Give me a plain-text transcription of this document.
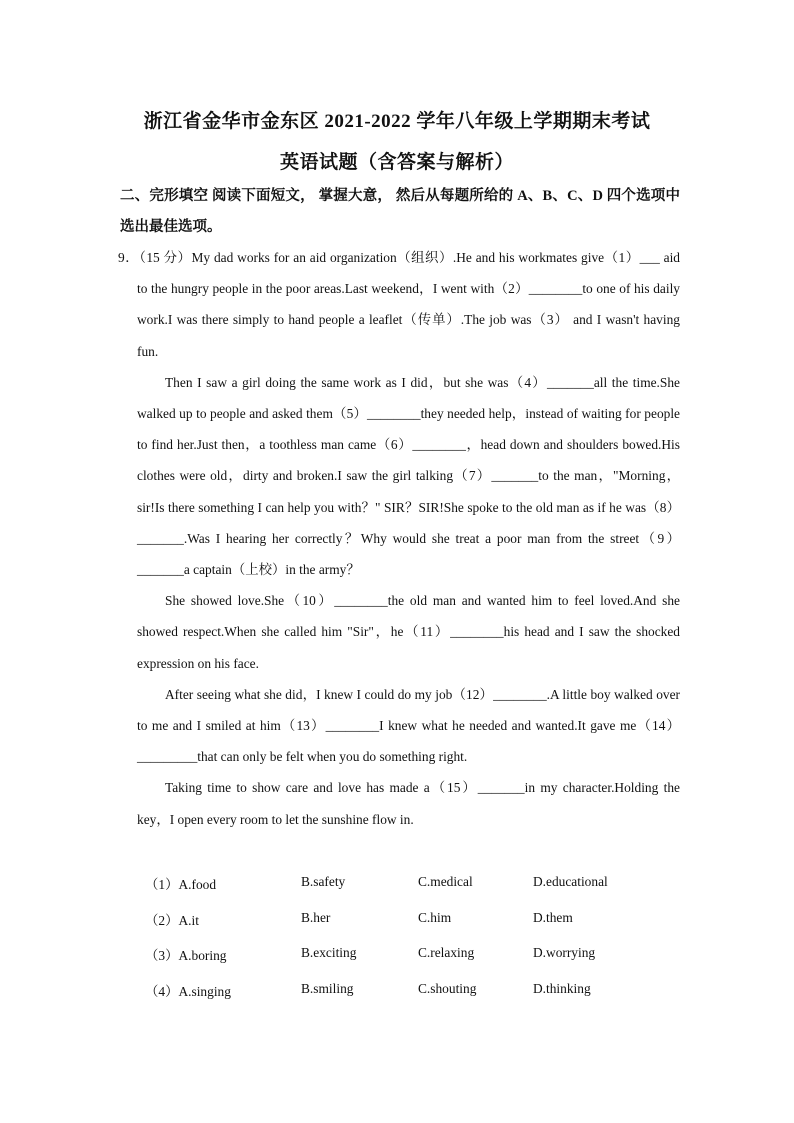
浙江省金华市金东区 2021-2022 学年八年级上学期期末考试
英语试题（含答案与解析）
二、完形填空 阅读下面短文， 掌握大意， 然后从每题所给的 A、B、C、D 四个选项中选出最佳选项。

9．（15 分）My dad works for an aid organization（组织）.He and his workmates give（1）___ aid to the hungry people in the poor areas.Last weekend，I went with（2）________to one of his daily work.I was there simply to hand people a leaflet（传单）.The job was（3） and I wasn't having fun.

Then I saw a girl doing the same work as I did，but she was（4）_______all the time.She walked up to people and asked them（5）________they needed help，instead of waiting for people to find her.Just then，a toothless man came（6）________，head down and shoulders bowed.His clothes were old，dirty and broken.I saw the girl talking（7）_______to the man，"Morning，sir!Is there something I can help you with？" SIR？SIR!She spoke to the old man as if he was（8）_______.Was I hearing her correctly？Why would she treat a poor man from the street（9）_______a captain（上校）in the army？

She showed love.She（10）________the old man and wanted him to feel loved.And she showed respect.When she called him "Sir"，he（11）________his head and I saw the shocked expression on his face.

After seeing what she did，I knew I could do my job（12）________.A little boy walked over to me and I smiled at him（13）________I knew what he needed and wanted.It gave me（14）_________that can only be felt when you do something right.

Taking time to show care and love has made a（15）_______in my character.Holding the key，I open every room to let the sunshine flow in.

（1）A.food	B.safety	C.medical	D.educational
（2）A.it	B.her	C.him	D.them
（3）A.boring	B.exciting	C.relaxing	D.worrying
（4）A.singing	B.smiling	C.shouting	D.thinking
